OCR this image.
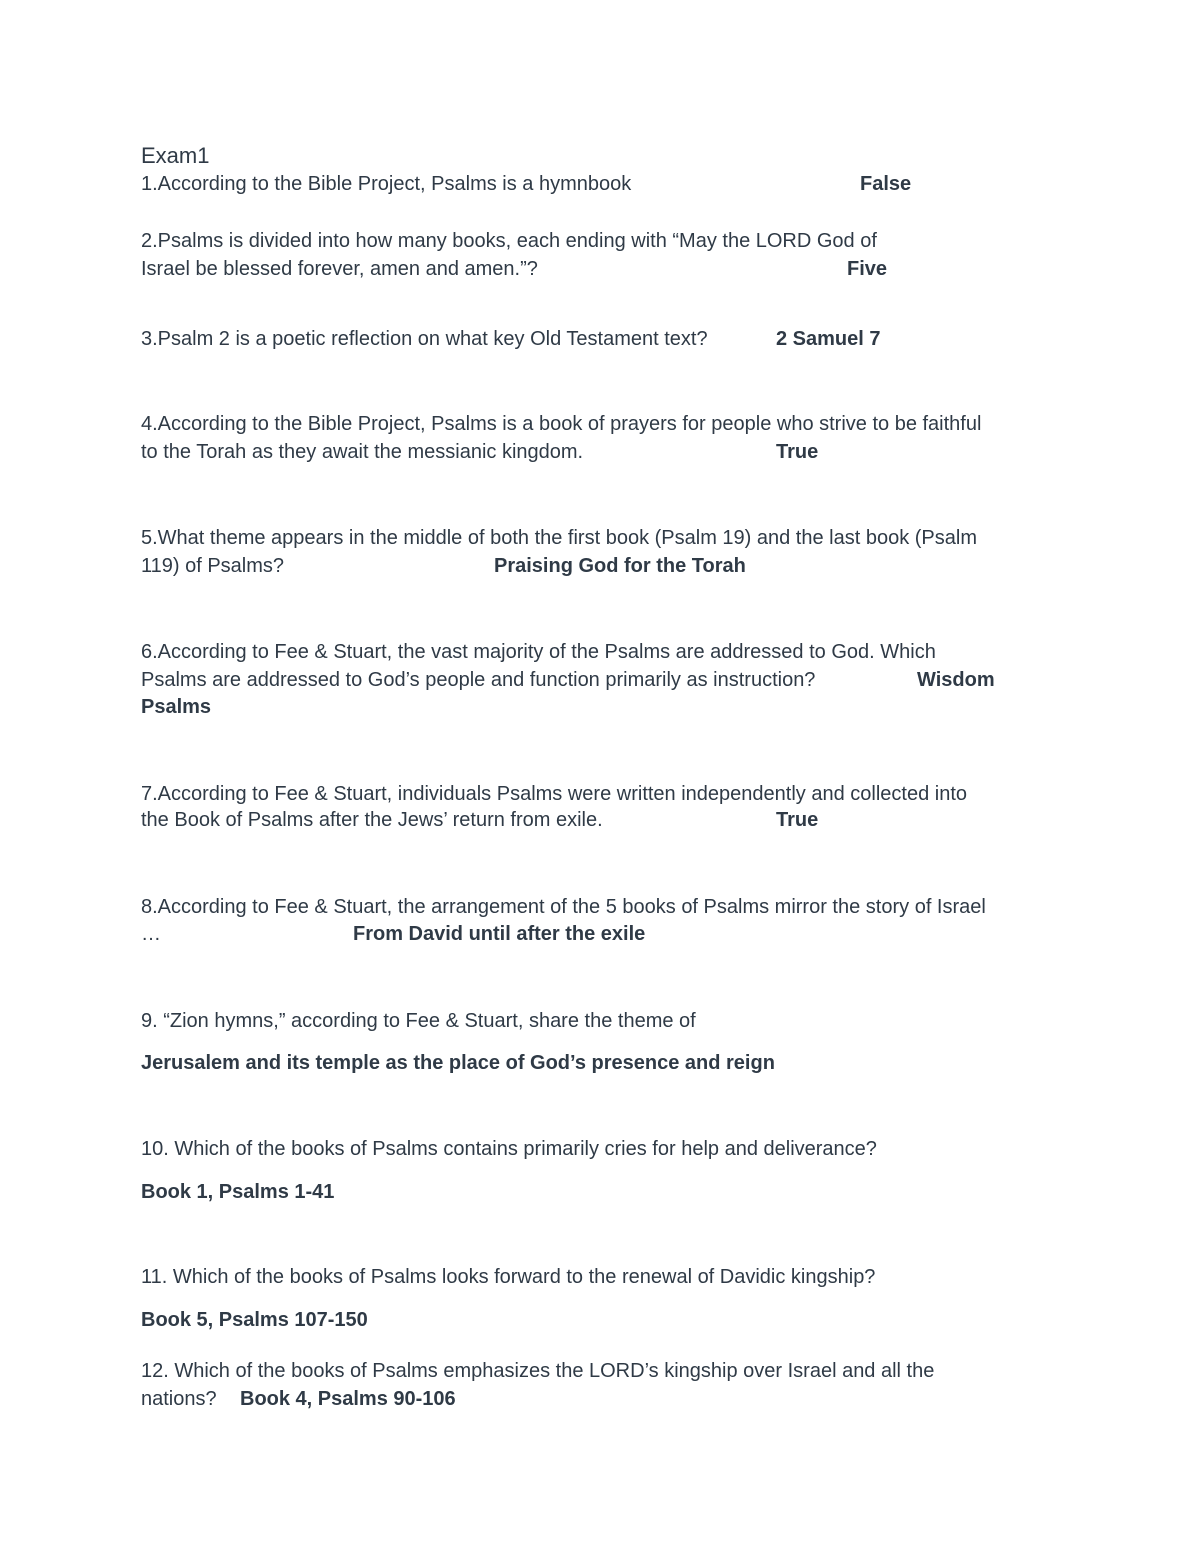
Exam1
1.According to the Bible Project, Psalms is a hymnbook	False
2.Psalms is divided into how many books, each ending with “May the LORD God of
Israel be blessed forever, amen and amen.”?	Five
3.Psalm 2 is a poetic reflection on what key Old Testament text?	2 Samuel 7
4.According to the Bible Project, Psalms is a book of prayers for people who strive to be faithful
to the Torah as they await the messianic kingdom.	True
5.What theme appears in the middle of both the first book (Psalm 19) and the last book (Psalm
119) of Psalms?	Praising God for the Torah
6.According to Fee & Stuart, the vast majority of the Psalms are addressed to God. Which
Psalms are addressed to God’s people and function primarily as instruction?	Wisdom
Psalms
7.According to Fee & Stuart, individuals Psalms were written independently and collected into
the Book of Psalms after the Jews’ return from exile.	True
8.According to Fee & Stuart, the arrangement of the 5 books of Psalms mirror the story of Israel
…	From David until after the exile
9. “Zion hymns,” according to Fee & Stuart, share the theme of
Jerusalem and its temple as the place of God’s presence and reign
10. Which of the books of Psalms contains primarily cries for help and deliverance?
Book 1, Psalms 1-41
11. Which of the books of Psalms looks forward to the renewal of Davidic kingship?
Book 5, Psalms 107-150
12. Which of the books of Psalms emphasizes the LORD’s kingship over Israel and all the
nations? Book 4, Psalms 90-106
